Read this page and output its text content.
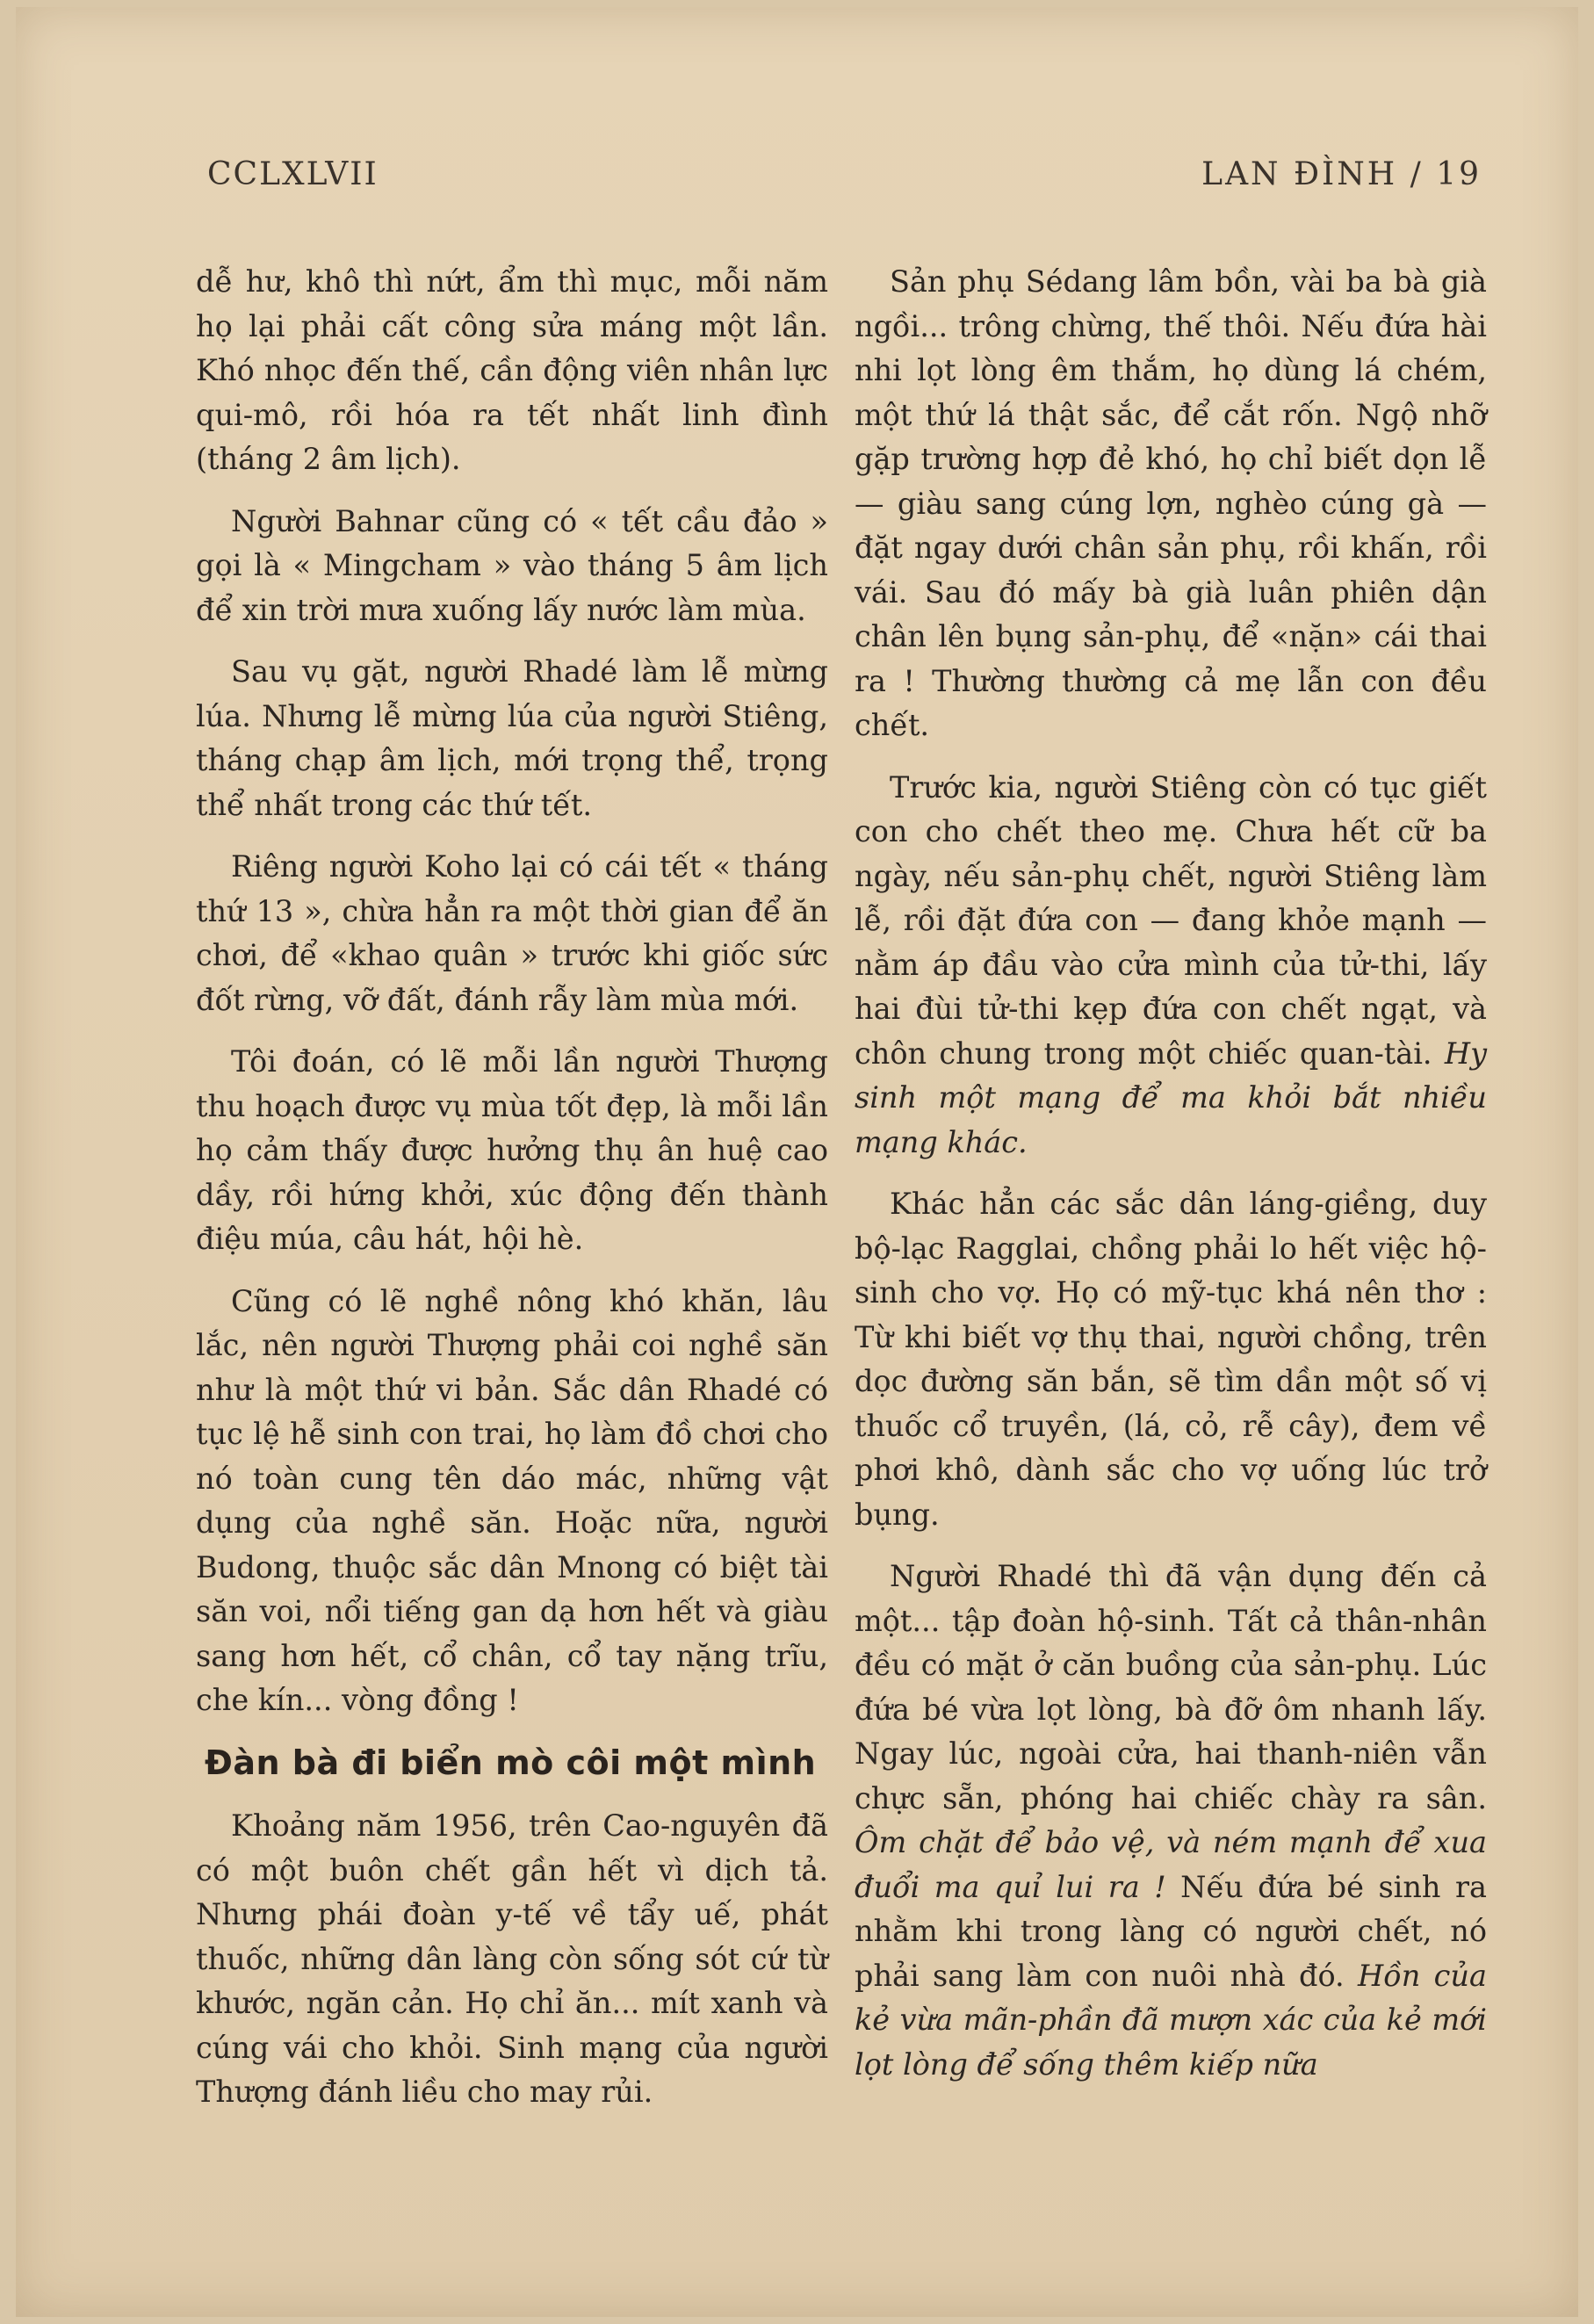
CCLXLVII	LAN ĐÌNH / 19

dễ hư, khô thì nứt, ẩm thì mục, mỗi năm họ lại phải cất công sửa máng một lần. Khó nhọc đến thế, cần động viên nhân lực qui-mô, rồi hóa ra tết nhất linh đình (tháng 2 âm lịch).

Người Bahnar cũng có « tết cầu đảo » gọi là « Mingcham » vào tháng 5 âm lịch để xin trời mưa xuống lấy nước làm mùa.

Sau vụ gặt, người Rhadé làm lễ mừng lúa. Nhưng lễ mừng lúa của người Stiêng, tháng chạp âm lịch, mới trọng thể, trọng thể nhất trong các thứ tết.

Riêng người Koho lại có cái tết « tháng thứ 13 », chừa hẳn ra một thời gian để ăn chơi, để «khao quân » trước khi giốc sức đốt rừng, vỡ đất, đánh rẫy làm mùa mới.

Tôi đoán, có lẽ mỗi lần người Thượng thu hoạch được vụ mùa tốt đẹp, là mỗi lần họ cảm thấy được hưởng thụ ân huệ cao dầy, rồi hứng khởi, xúc động đến thành điệu múa, câu hát, hội hè.

Cũng có lẽ nghề nông khó khăn, lâu lắc, nên người Thượng phải coi nghề săn như là một thứ vi bản. Sắc dân Rhadé có tục lệ hễ sinh con trai, họ làm đồ chơi cho nó toàn cung tên dáo mác, những vật dụng của nghề săn. Hoặc nữa, người Budong, thuộc sắc dân Mnong có biệt tài săn voi, nổi tiếng gan dạ hơn hết và giàu sang hơn hết, cổ chân, cổ tay nặng trĩu, che kín... vòng đồng !

Đàn bà đi biển mò côi một mình

Khoảng năm 1956, trên Cao-nguyên đã có một buôn chết gần hết vì dịch tả. Nhưng phái đoàn y-tế về tẩy uế, phát thuốc, những dân làng còn sống sót cứ từ khước, ngăn cản. Họ chỉ ăn... mít xanh và cúng vái cho khỏi. Sinh mạng của người Thượng đánh liều cho may rủi.

Sản phụ Sédang lâm bồn, vài ba bà già ngồi... trông chừng, thế thôi. Nếu đứa hài nhi lọt lòng êm thắm, họ dùng lá chém, một thứ lá thật sắc, để cắt rốn. Ngộ nhỡ gặp trường hợp đẻ khó, họ chỉ biết dọn lễ — giàu sang cúng lợn, nghèo cúng gà — đặt ngay dưới chân sản phụ, rồi khấn, rồi vái. Sau đó mấy bà già luân phiên dận chân lên bụng sản-phụ, để «nặn» cái thai ra ! Thường thường cả mẹ lẫn con đều chết.

Trước kia, người Stiêng còn có tục giết con cho chết theo mẹ. Chưa hết cữ ba ngày, nếu sản-phụ chết, người Stiêng làm lễ, rồi đặt đứa con — đang khỏe mạnh — nằm áp đầu vào cửa mình của tử-thi, lấy hai đùi tử-thi kẹp đứa con chết ngạt, và chôn chung trong một chiếc quan-tài. Hy sinh một mạng để ma khỏi bắt nhiều mạng khác.

Khác hẳn các sắc dân láng-giềng, duy bộ-lạc Ragglai, chồng phải lo hết việc hộ-sinh cho vợ. Họ có mỹ-tục khá nên thơ : Từ khi biết vợ thụ thai, người chồng, trên dọc đường săn bắn, sẽ tìm dần một số vị thuốc cổ truyền, (lá, cỏ, rễ cây), đem về phơi khô, dành sắc cho vợ uống lúc trở bụng.

Người Rhadé thì đã vận dụng đến cả một... tập đoàn hộ-sinh. Tất cả thân-nhân đều có mặt ở căn buồng của sản-phụ. Lúc đứa bé vừa lọt lòng, bà đỡ ôm nhanh lấy. Ngay lúc, ngoài cửa, hai thanh-niên vẫn chực sẵn, phóng hai chiếc chày ra sân. Ôm chặt để bảo vệ, và ném mạnh để xua đuổi ma quỉ lui ra ! Nếu đứa bé sinh ra nhằm khi trong làng có người chết, nó phải sang làm con nuôi nhà đó. Hồn của kẻ vừa mãn-phần đã mượn xác của kẻ mới lọt lòng để sống thêm kiếp nữa
